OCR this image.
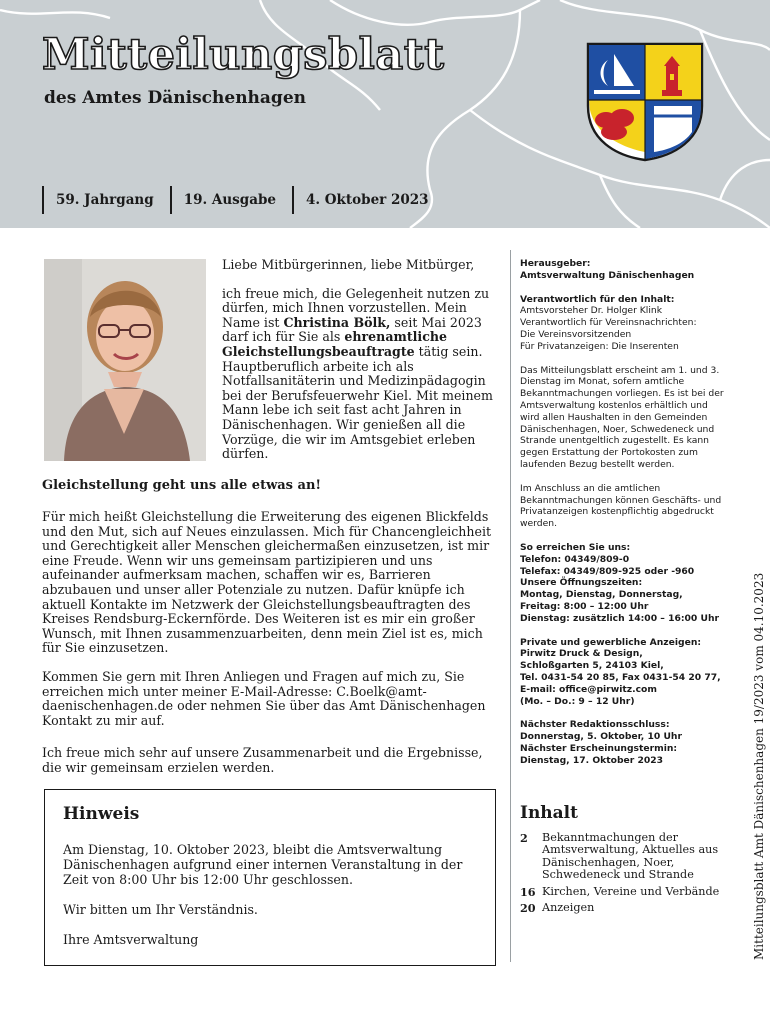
Mitteilungsblatt
des Amtes Dänischenhagen
59. Jahrgang	19. Ausgabe	4. Oktober 2023

Liebe Mitbürgerinnen, liebe Mitbürger,

ich freue mich, die Gelegenheit nutzen zu dürfen, mich Ihnen vorzustellen. Mein Name ist Christina Bölk, seit Mai 2023 darf ich für Sie als ehrenamtliche Gleichstellungsbeauftragte tätig sein. Hauptberuflich arbeite ich als Notfallsanitäterin und Medizinpädagogin bei der Berufsfeuerwehr Kiel. Mit meinem Mann lebe ich seit fast acht Jahren in Dänischenhagen. Wir genießen all die Vorzüge, die wir im Amtsgebiet erleben dürfen.

Gleichstellung geht uns alle etwas an!
Für mich heißt Gleichstellung die Erweiterung des eigenen Blickfelds und den Mut, sich auf Neues einzulassen. Mich für Chancengleichheit und Gerechtigkeit aller Menschen gleichermaßen einzusetzen, ist mir eine Freude. Wenn wir uns gemeinsam partizipieren und uns aufeinander aufmerksam machen, schaffen wir es, Barrieren abzubauen und unser aller Potenziale zu nutzen. Dafür knüpfe ich aktuell Kontakte im Netzwerk der Gleichstellungsbeauftragten des Kreises Rendsburg-Eckernförde. Des Weiteren ist es mir ein großer Wunsch, mit Ihnen zusammenzuarbeiten, denn mein Ziel ist es, mich für Sie einzusetzen.
Kommen Sie gern mit Ihren Anliegen und Fragen auf mich zu, Sie erreichen mich unter meiner E-Mail-Adresse: C.Boelk@amt-daenischenhagen.de oder nehmen Sie über das Amt Dänischenhagen Kontakt zu mir auf.
Ich freue mich sehr auf unsere Zusammenarbeit und die Ergebnisse, die wir gemeinsam erzielen werden.
Hinweis

Am Dienstag, 10. Oktober 2023, bleibt die Amtsverwaltung Dänischenhagen aufgrund einer internen Veranstaltung in der Zeit von 8:00 Uhr bis 12:00 Uhr geschlossen.

Wir bitten um Ihr Verständnis.

Ihre Amtsverwaltung

Herausgeber:
Amtsverwaltung Dänischenhagen
Verantwortlich für den Inhalt:
Amtsvorsteher Dr. Holger Klink
Verantwortlich für Vereinsnachrichten:
Die Vereinsvorsitzenden
Für Privatanzeigen: Die Inserenten
Das Mitteilungsblatt erscheint am 1. und 3. Dienstag im Monat, sofern amtliche Bekanntmachungen vorliegen. Es ist bei der Amtsverwaltung kostenlos erhältlich und wird allen Haushalten in den Gemeinden Dänischenhagen, Noer, Schwedeneck und Strande unentgeltlich zugestellt. Es kann gegen Erstattung der Portokosten zum laufenden Bezug bestellt werden.
Im Anschluss an die amtlichen Bekanntmachungen können Geschäfts- und Privatanzeigen kostenpflichtig abgedruckt werden.
So erreichen Sie uns:
Telefon: 04349/809-0
Telefax: 04349/809-925 oder -960
Unsere Öffnungszeiten:
Montag, Dienstag, Donnerstag,
Freitag: 8:00 – 12:00 Uhr
Dienstag: zusätzlich 14:00 – 16:00 Uhr
Private und gewerbliche Anzeigen:
Pirwitz Druck & Design,
Schloßgarten 5, 24103 Kiel,
Tel. 0431-54 20 85, Fax 0431-54 20 77,
E-mail: office@pirwitz.com
(Mo. – Do.: 9 – 12 Uhr)
Nächster Redaktionsschluss:
Donnerstag, 5. Oktober, 10 Uhr
Nächster Erscheinungstermin:
Dienstag, 17. Oktober 2023
Inhalt
2	Bekanntmachungen der Amtsverwaltung, Aktuelles aus Dänischenhagen, Noer, Schwedeneck und Strande
16 Kirchen, Vereine und Verbände
20 Anzeigen	Mitteilungsblatt Amt Dänischenhagen 19/2023 vom 04.10.2023
